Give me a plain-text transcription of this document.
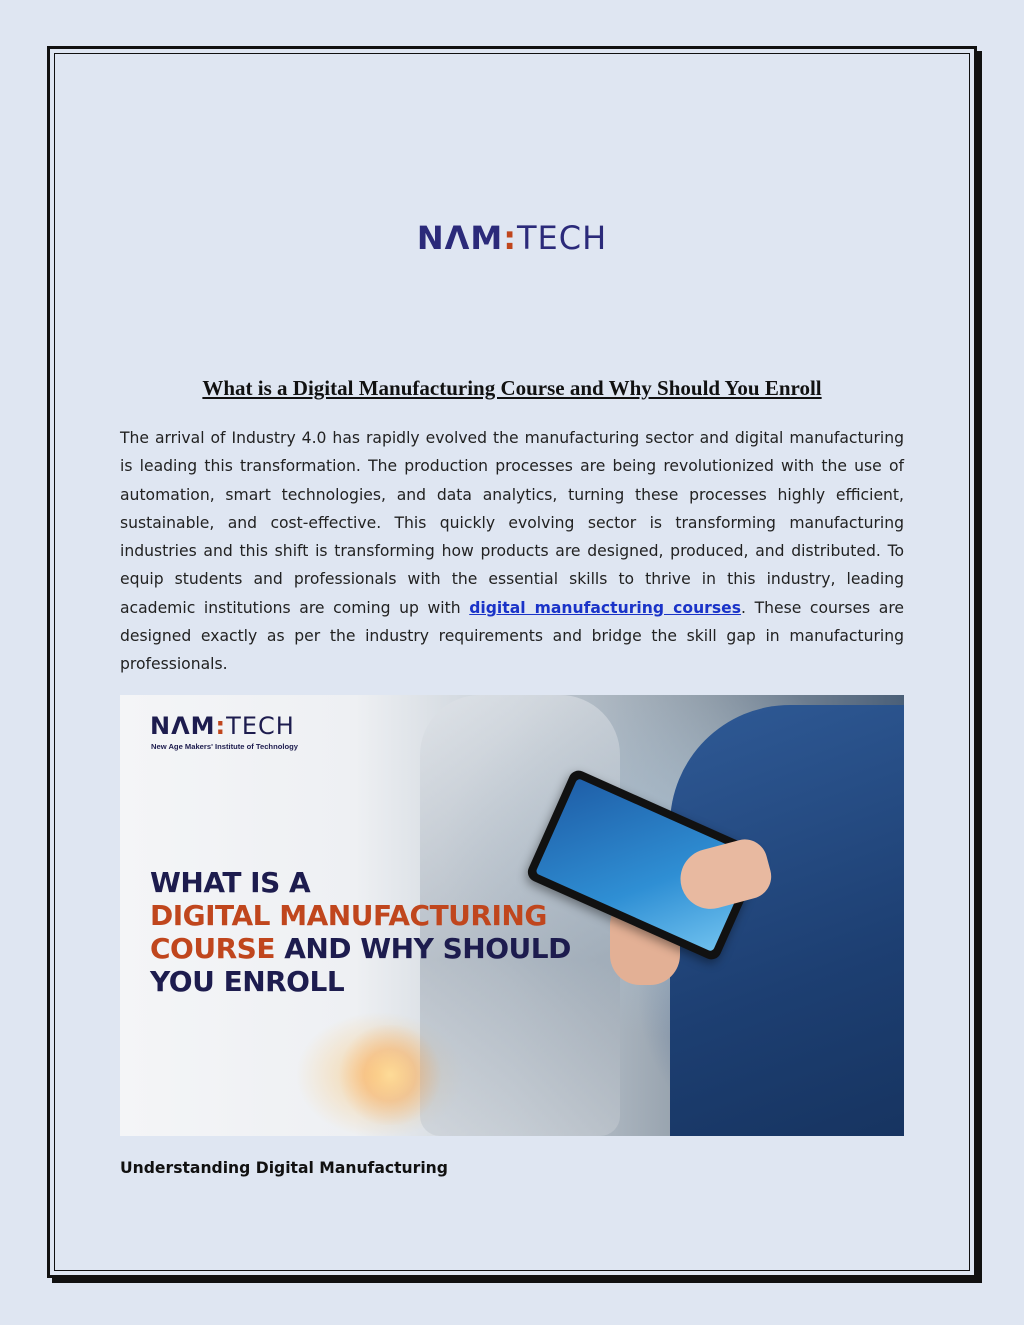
NΛM:TECH
What is a Digital Manufacturing Course and Why Should You Enroll

The arrival of Industry 4.0 has rapidly evolved the manufacturing sector and digital manufacturing is leading this transformation. The production processes are being revolutionized with the use of automation, smart technologies, and data analytics, turning these processes highly efficient, sustainable, and cost-effective. This quickly evolving sector is transforming manufacturing industries and this shift is transforming how products are designed, produced, and distributed. To equip students and professionals with the essential skills to thrive in this industry, leading academic institutions are coming up with digital manufacturing courses. These courses are designed exactly as per the industry requirements and bridge the skill gap in manufacturing professionals.

NΛM:TECH
New Age Makers' Institute of Technology
WHAT IS A
DIGITAL MANUFACTURING
COURSE AND WHY SHOULD
YOU ENROLL
Understanding Digital Manufacturing
